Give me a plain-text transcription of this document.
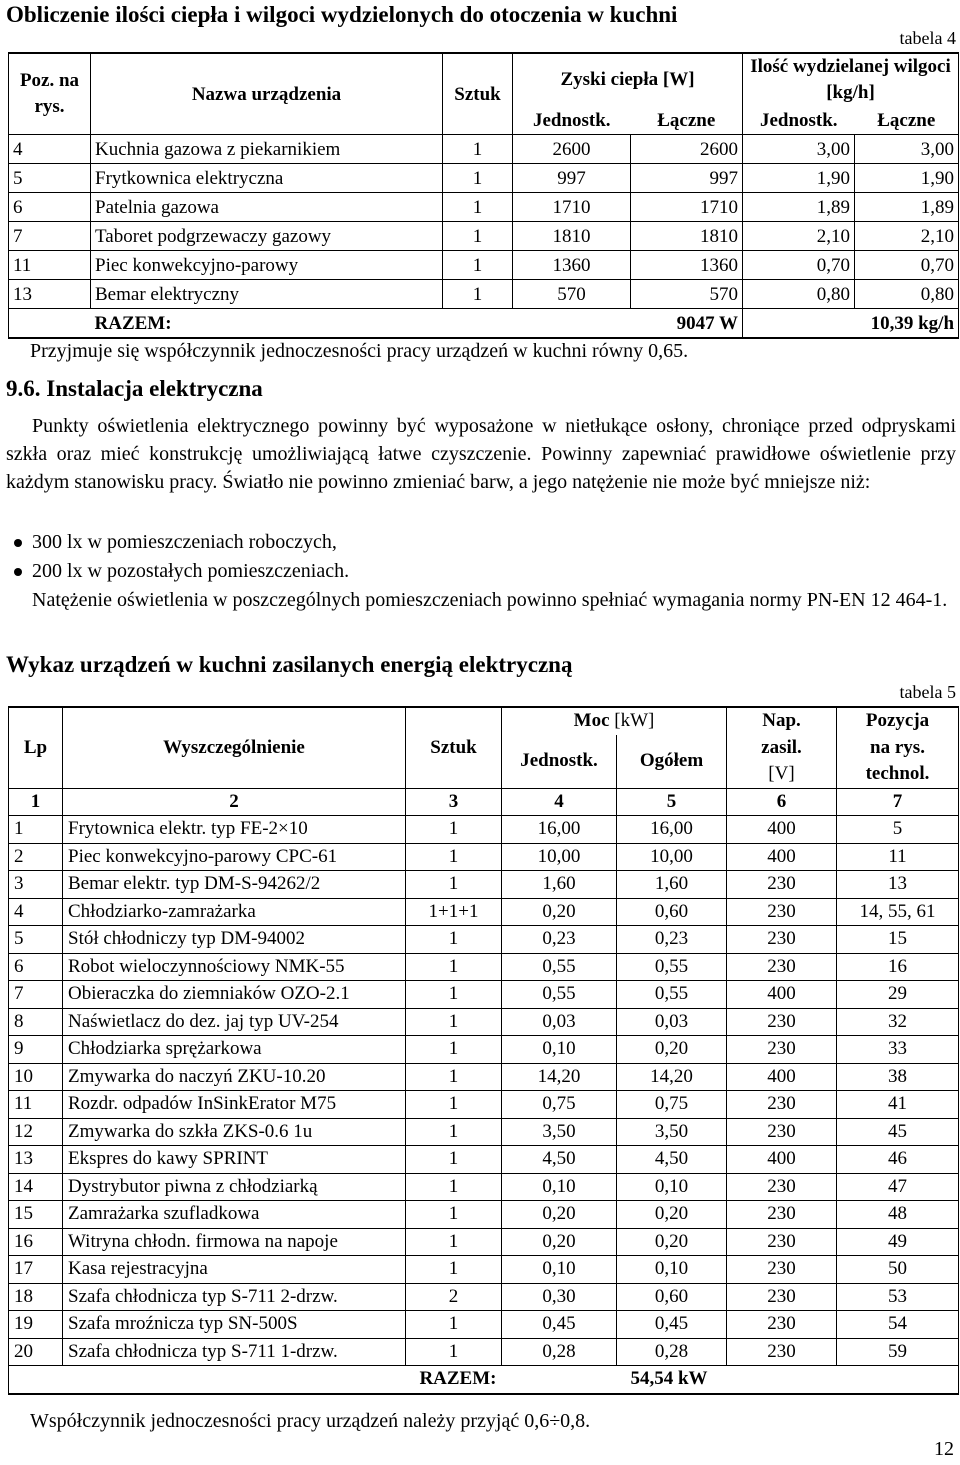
Obliczenie ilości ciepła i wilgoci wydzielonych do otoczenia w kuchni
tabela 4
Poz. na rys.	Nazwa urządzenia	Sztuk	Zyski ciepła [W]		Ilość wydzielanej wilgoci [kg/h]	

			Jednostk.	Łączne	Jednostk.	Łączne
4	Kuchnia gazowa z piekarnikiem	1	2600	2600	3,00	3,00
5	Frytkownica elektryczna	1	997	997	1,90	1,90
6	Patelnia gazowa	1	1710	1710	1,89	1,89
7	Taboret podgrzewaczy gazowy	1	1810	1810	2,10	2,10
11	Piec konwekcyjno-parowy	1	1360	1360	0,70	0,70
13	Bemar elektryczny	1	570	570	0,80	0,80
	RAZEM:			9047 W	10,39 kg/h	
Przyjmuje się współczynnik jednoczesności pracy urządzeń w kuchni równy 0,65.
9.6. Instalacja elektryczna
Punkty oświetlenia elektrycznego powinny być wyposażone w nietłukące osłony, chroniące przed odpryskami szkła oraz mieć konstrukcję umożliwiającą łatwe czyszczenie. Powinny zapewniać prawidłowe oświetlenie przy każdym stanowisku pracy. Światło nie powinno zmieniać barw, a jego natężenie nie może być mniejsze niż:
300 lx w pomieszczeniach roboczych,
200 lx w pozostałych pomieszczeniach.
Natężenie oświetlenia w poszczególnych pomieszczeniach powinno spełniać wymagania normy PN-EN 12 464-1.
Wykaz urządzeń w kuchni zasilanych energią elektryczną
tabela 5
Lp	Wyszczególnienie	Sztuk	Moc [kW]		Nap.	Pozycja
			Jednostk.	Ogółem	zasil.	na rys.
					[V]	technol.
1	2	3	4	5	6	7
1	Frytownica elektr. typ FE-2×10	1	16,00	16,00	400	5
2	Piec konwekcyjno-parowy CPC-61	1	10,00	10,00	400	11
3	Bemar elektr. typ DM-S-94262/2	1	1,60	1,60	230	13
4	Chłodziarko-zamrażarka	1+1+1	0,20	0,60	230	14, 55, 61
5	Stół chłodniczy typ DM-94002	1	0,23	0,23	230	15
6	Robot wieloczynnościowy NMK-55	1	0,55	0,55	230	16
7	Obieraczka do ziemniaków OZO-2.1	1	0,55	0,55	400	29
8	Naświetlacz do dez. jaj typ UV-254	1	0,03	0,03	230	32
9	Chłodziarka sprężarkowa	1	0,10	0,20	230	33
10	Zmywarka do naczyń ZKU-10.20	1	14,20	14,20	400	38
11	Rozdr. odpadów InSinkErator M75	1	0,75	0,75	230	41
12	Zmywarka do szkła ZKS-0.6 1u	1	3,50	3,50	230	45
13	Ekspres do kawy SPRINT	1	4,50	4,50	400	46
14	Dystrybutor piwna z chłodziarką	1	0,10	0,10	230	47
15	Zamrażarka szufladkowa	1	0,20	0,20	230	48
16	Witryna chłodn. firmowa na napoje	1	0,20	0,20	230	49
17	Kasa rejestracyjna	1	0,10	0,10	230	50
18	Szafa chłodnicza typ S-711 2-drzw.	2	0,30	0,60	230	53
19	Szafa mroźnicza typ SN-500S	1	0,45	0,45	230	54
20	Szafa chłodnicza typ S-711 1-drzw.	1	0,28	0,28	230	59
	RAZEM:		54,54 kW			
Współczynnik jednoczesności pracy urządzeń należy przyjąć 0,6÷0,8.
12
